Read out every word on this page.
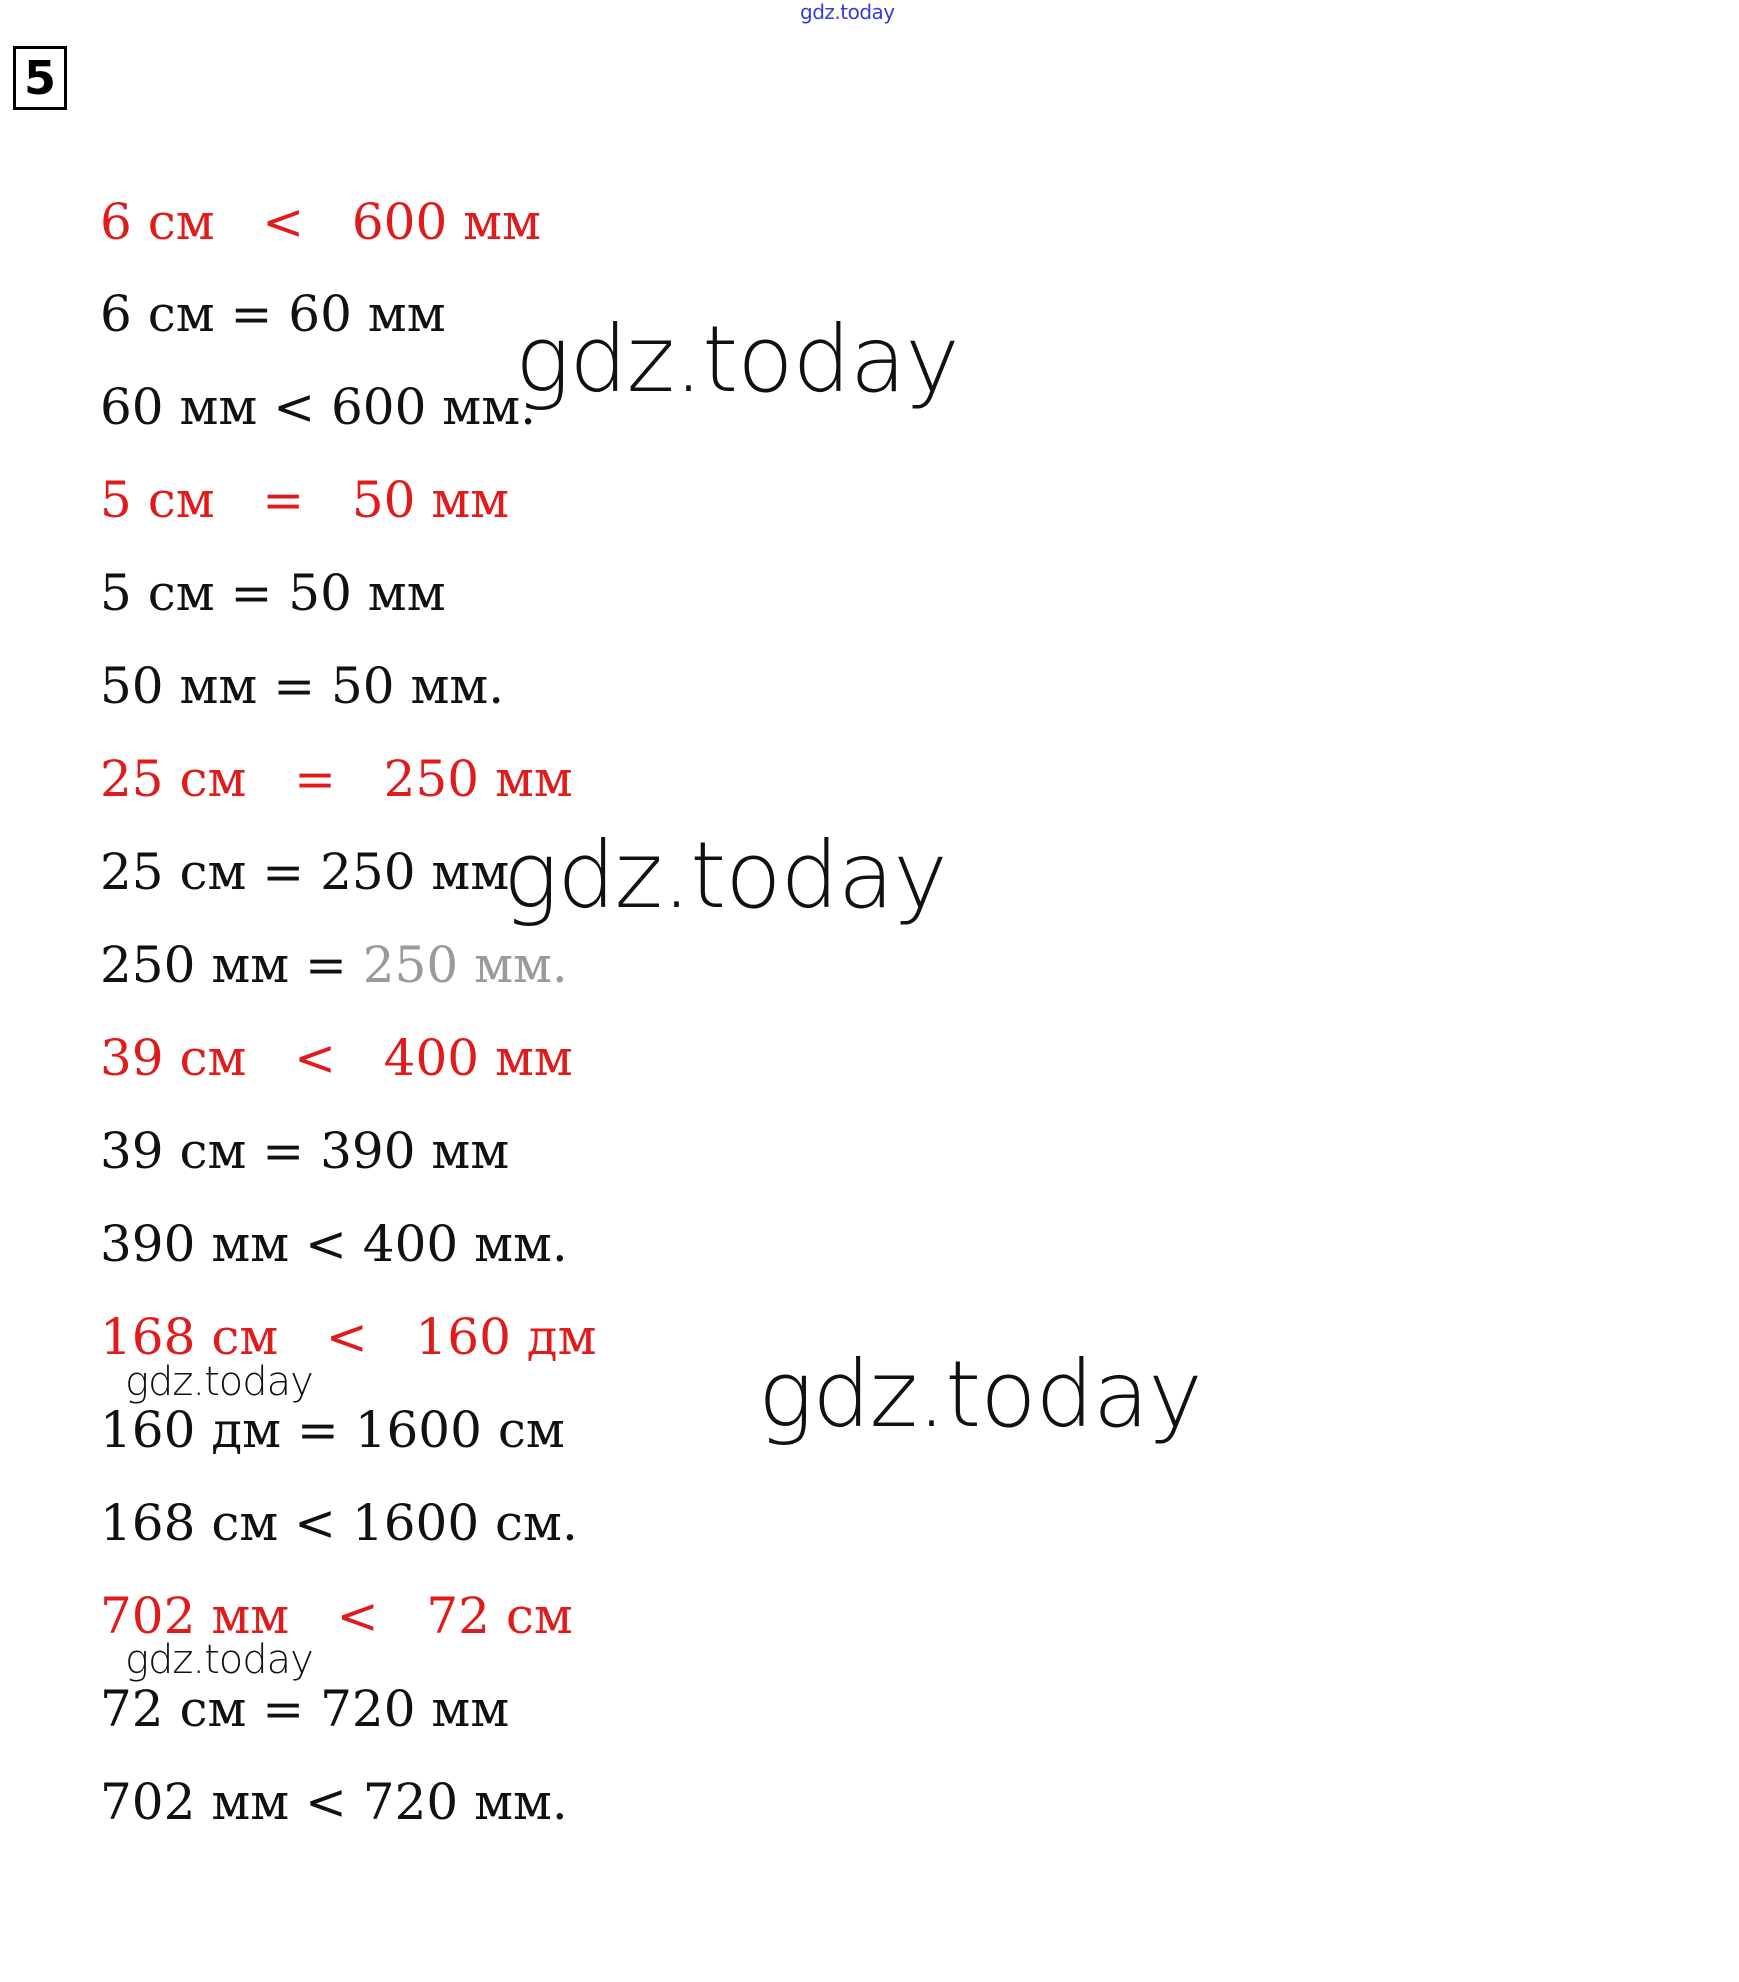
gdz.today
5
6 см   <   600 мм
6 см = 60 мм
60 мм < 600 мм.
5 см   =   50 мм
5 см = 50 мм
50 мм = 50 мм.
25 см   =   250 мм
25 см = 250 мм
250 мм = 250 мм.
39 см   <   400 мм
39 см = 390 мм
390 мм < 400 мм.
168 см   <   160 дм
160 дм = 1600 см
168 см < 1600 см.
702 мм   <   72 см
72 см = 720 мм
702 мм < 720 мм.
gdz.today
gdz.today
gdz.today
gdz.today
gdz.today
